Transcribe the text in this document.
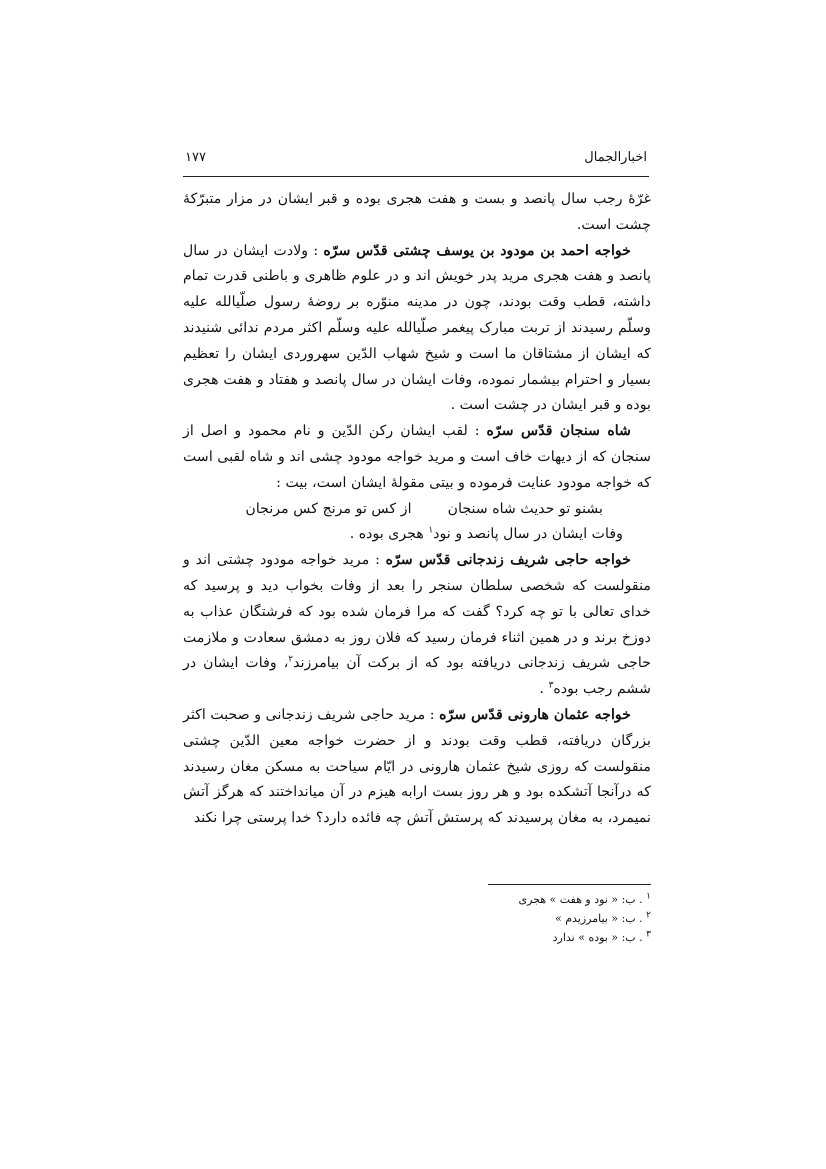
اخبارالجمال
۱۷۷

غرّهٔ رجب سال پانصد و بست و هفت هجری بوده و قبر ایشان در مزار متبرّکهٔ چشت است.

خواجه احمد بن مودود بن یوسف چشتی قدّس سرّه : ولادت ایشان در سال پانصد و هفت هجری مرید پدر خویش اند و در علوم ظاهری و باطنی قدرت تمام داشته، قطب وقت بودند، چون در مدینه منوّره بر روضهٔ رسول صلّیالله علیه وسلّم رسیدند از تربت مبارک پیغمر صلّیالله علیه وسلّم اکثر مردم ندائی شنیدند که ایشان از مشتاقان ما است و شیخ شهاب الدّین سهروردی ایشان را تعظیم بسیار و احترام بیشمار نموده، وفات ایشان در سال پانصد و هفتاد و هفت هجری بوده و قبر ایشان در چشت است .

شاه سنجان قدّس سرّه : لقب ایشان رکن الدّین و نام محمود و اصل از سنجان که از دیهات خاف است و مرید خواجه مودود چشی اند و شاه لقبی است که خواجه مودود عنایت فرموده و بیتی مقولهٔ ایشان است، بیت :

بشنو تو حدیث شاه سنجان        از کس تو مرنج کس مرنجان

وفات ایشان در سال پانصد و نود$^۱$ هجری بوده .

خواجه حاجی شریف زندجانی قدّس سرّه : مرید خواجه مودود چشتی اند و منقولست که شخصی سلطان سنجر را بعد از وفات بخواب دید و پرسید که خدای تعالی با تو چه کرد؟ گفت که مرا فرمان شده بود که فرشتگان عذاب به دوزخ برند و در همین اثناء فرمان رسید که فلان روز به دمشق سعادت و ملازمت حاجی شریف زندجانی دریافته بود که از برکت آن بیامرزند$^۲$، وفات ایشان در ششم رجب بوده$^۳$ .

خواجه عثمان هارونی قدّس سرّه : مرید حاجی شریف زندجانی و صحبت اکثر بزرگان دریافته، قطب وقت بودند و از حضرت خواجه معین الدّین چشتی منقولست که روزی شیخ عثمان هارونی در ایّام سیاحت به مسکن مغان رسیدند که درآنجا آتشکده بود و هر روز بست ارابه هیزم در آن میانداختند که هرگز آتش نمیمرد، به مغان پرسیدند که پرستش آتش چه فائده دارد؟ خدا پرستی چرا نکند

$^۱$ . ب: « نود و هفت » هجری
$^۲$ . ب: « بیامرزیدم »
$^۳$ . ب: « بوده » ندارد
